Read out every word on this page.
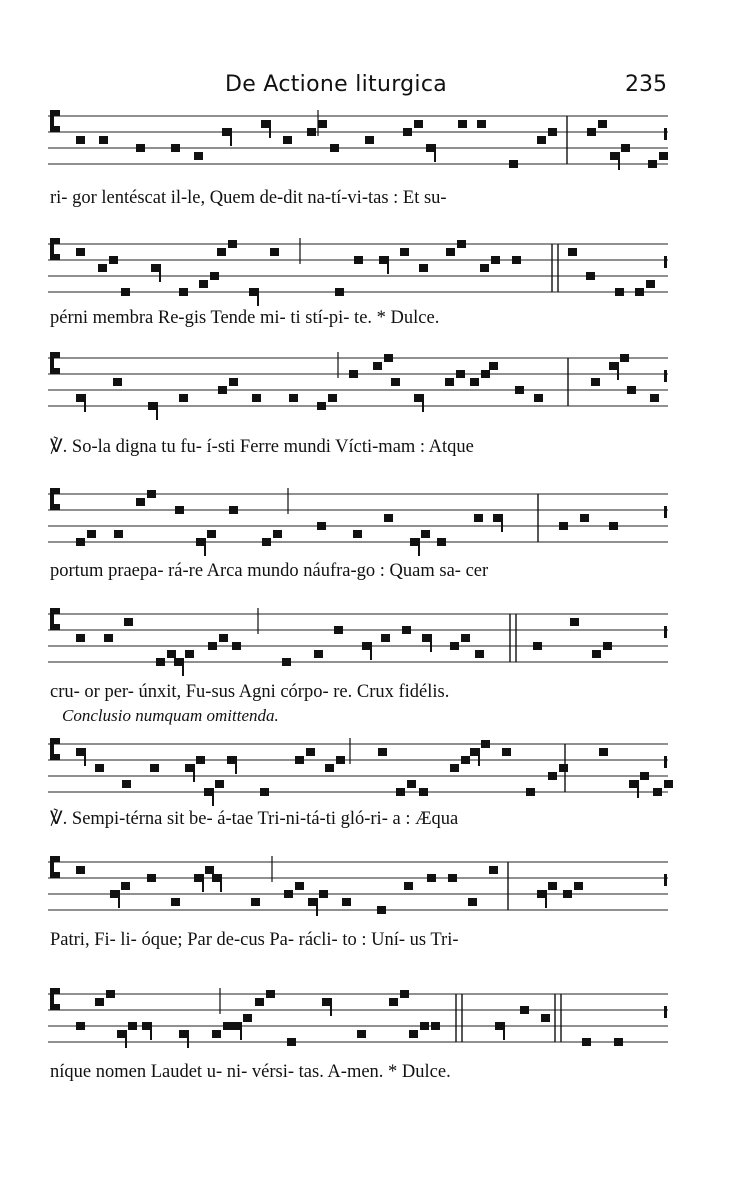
De Actione liturgica	235
Conclusio numquam omittenda.
ri- gor lentéscat il-le, Quem de-dit na-tí-vi-tas : Et su-
pérni membra Re-gis Tende mi- ti stí-pi- te. * Dulce.
℣. So-la digna tu fu- í-sti Ferre mundi Vícti-mam : Atque
portum praepa- rá-re Arca mundo náufra-go : Quam sa- cer
cru- or per- únxit, Fu-sus Agni córpo- re. Crux fidélis.
℣. Sempi-térna sit be- á-tae Tri-ni-tá-ti gló-ri- a : Æqua
Patri, Fi- li- óque; Par de-cus Pa- rácli- to : Uní- us Tri-
níque nomen Laudet u- ni- vérsi- tas. A-men. * Dulce.
